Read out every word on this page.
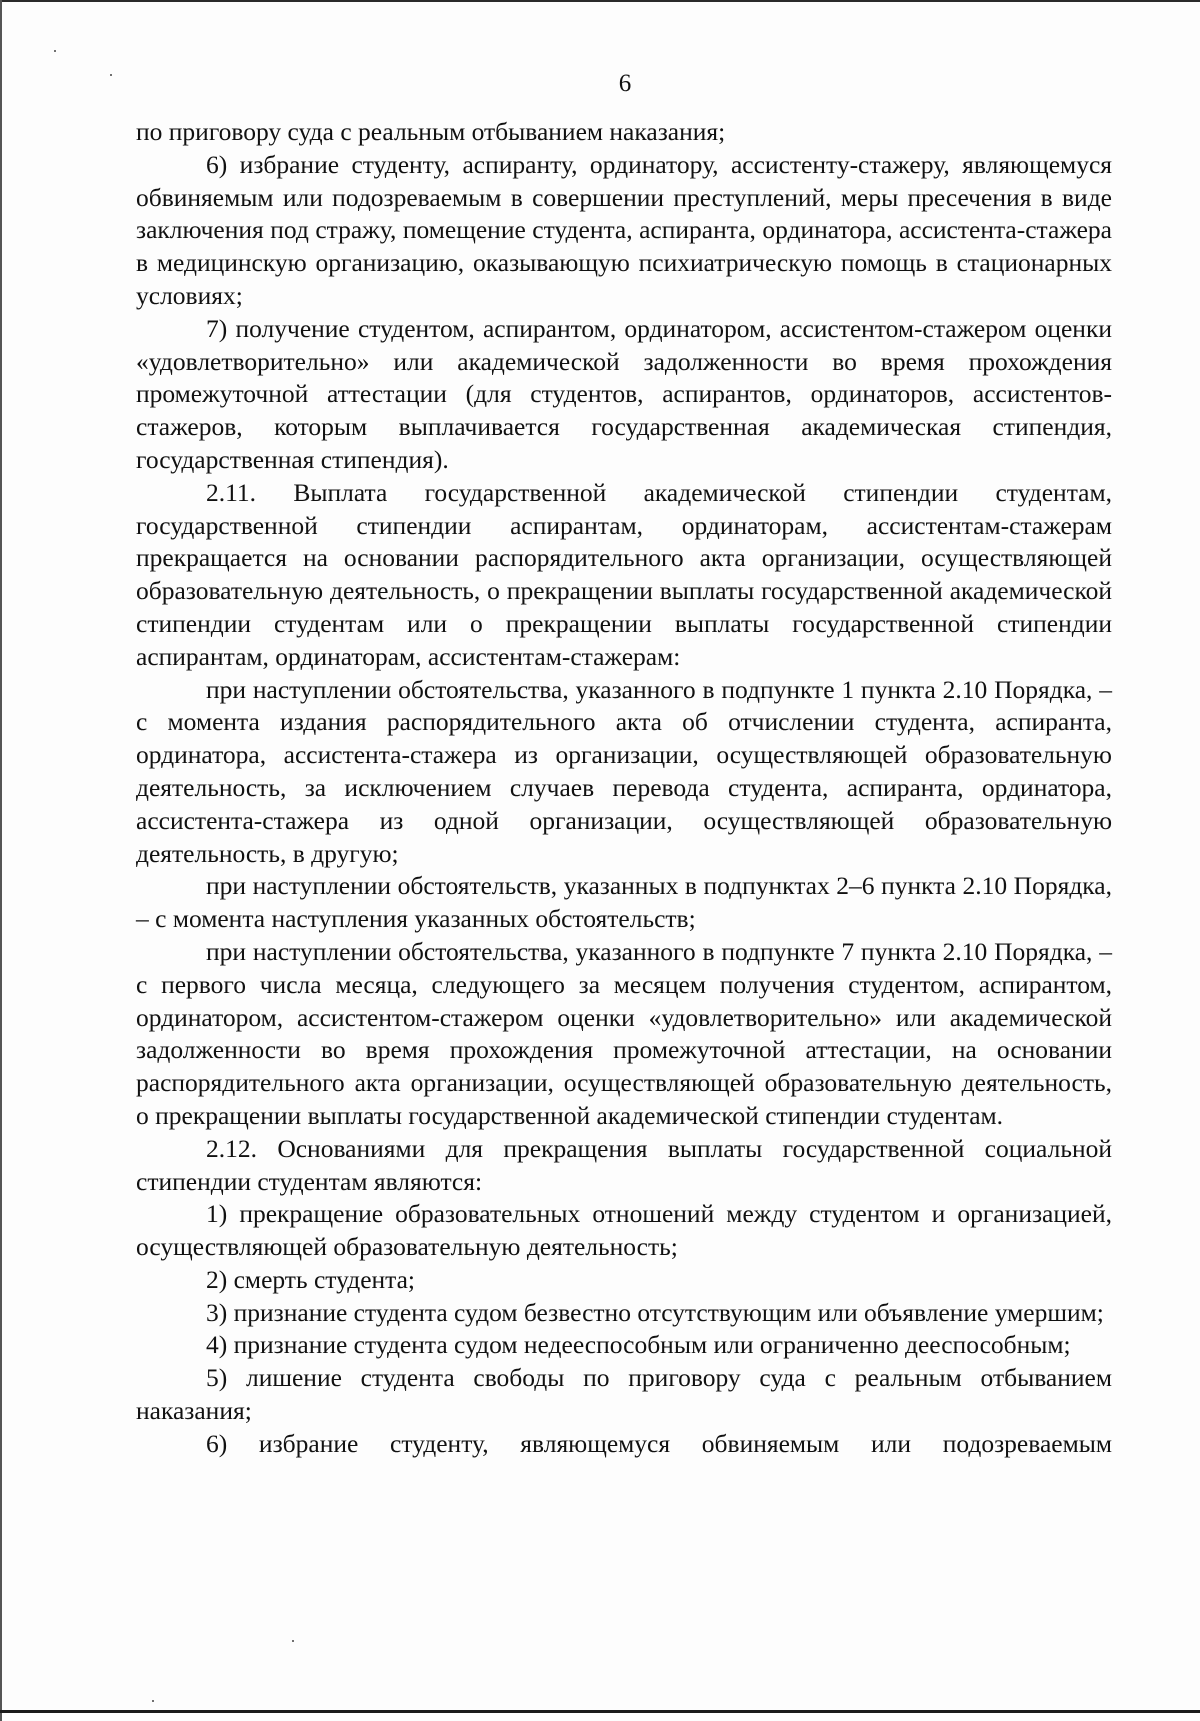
6

по приговору суда с реальным отбыванием наказания;

6) избрание студенту, аспиранту, ординатору, ассистенту-стажеру, являющемуся обвиняемым или подозреваемым в совершении преступлений, меры пресечения в виде заключения под стражу, помещение студента, аспиранта, ординатора, ассистента-стажера в медицинскую организацию, оказывающую психиатрическую помощь в стационарных условиях;

7) получение студентом, аспирантом, ординатором, ассистентом-стажером оценки «удовлетворительно» или академической задолженности во время прохождения промежуточной аттестации (для студентов, аспирантов, ординаторов, ассистентов-стажеров, которым выплачивается государственная академическая стипендия, государственная стипендия).

2.11. Выплата государственной академической стипендии студентам, государственной стипендии аспирантам, ординаторам, ассистентам-стажерам прекращается на основании распорядительного акта организации, осуществляющей образовательную деятельность, о прекращении выплаты государственной академической стипендии студентам или о прекращении выплаты государственной стипендии аспирантам, ординаторам, ассистентам-стажерам:

при наступлении обстоятельства, указанного в подпункте 1 пункта 2.10 Порядка, – с момента издания распорядительного акта об отчислении студента, аспиранта, ординатора, ассистента-стажера из организации, осуществляющей образовательную деятельность, за исключением случаев перевода студента, аспиранта, ординатора, ассистента-стажера из одной организации, осуществляющей образовательную деятельность, в другую;

при наступлении обстоятельств, указанных в подпунктах 2–6 пункта 2.10 Порядка, – с момента наступления указанных обстоятельств;

при наступлении обстоятельства, указанного в подпункте 7 пункта 2.10 Порядка, – с первого числа месяца, следующего за месяцем получения студентом, аспирантом, ординатором, ассистентом-стажером оценки «удовлетворительно» или академической задолженности во время прохождения промежуточной аттестации, на основании распорядительного акта организации, осуществляющей образовательную деятельность, о прекращении выплаты государственной академической стипендии студентам.

2.12. Основаниями для прекращения выплаты государственной социальной стипендии студентам являются:

1) прекращение образовательных отношений между студентом и организацией, осуществляющей образовательную деятельность;

2) смерть студента;

3) признание студента судом безвестно отсутствующим или объявление умершим;

4) признание студента судом недееспособным или ограниченно дееспособным;

5) лишение студента свободы по приговору суда с реальным отбыванием наказания;

6) избрание студенту, являющемуся обвиняемым или подозреваемым
